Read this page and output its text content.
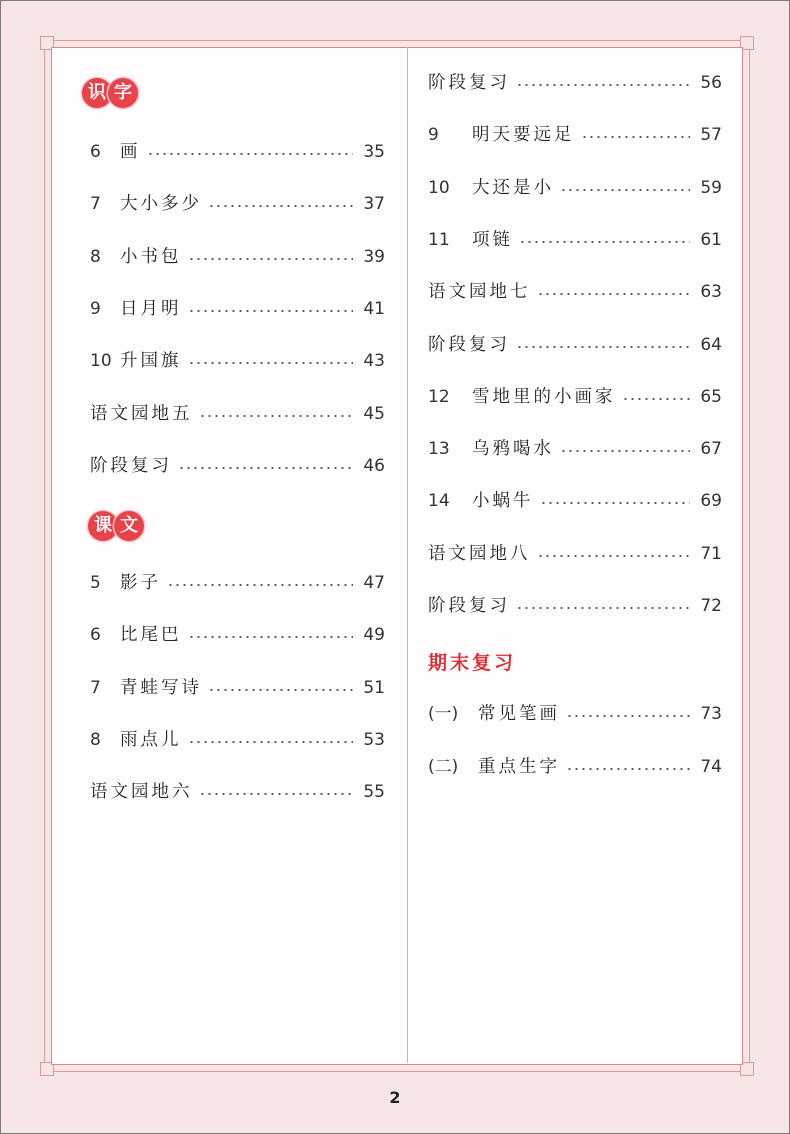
识 字
6	画	35
7	大小多少	37
8	小书包	39
9	日月明	41
10 升国旗	43
语文园地五	45
阶段复习	46
课 文
5	影子	47
6	比尾巴	49
7	青蛙写诗	51
8	雨点儿	53
语文园地六	55
阶段复习	56
9	明天要远足	57
10	大还是小	59
11	项链	61
语文园地七	63
阶段复习	64
12	雪地里的小画家	65
13	乌鸦喝水	67
14	小蜗牛	69
语文园地八	71
阶段复习	72
期末复习
(一)	常见笔画	73
(二)	重点生字	74
2
